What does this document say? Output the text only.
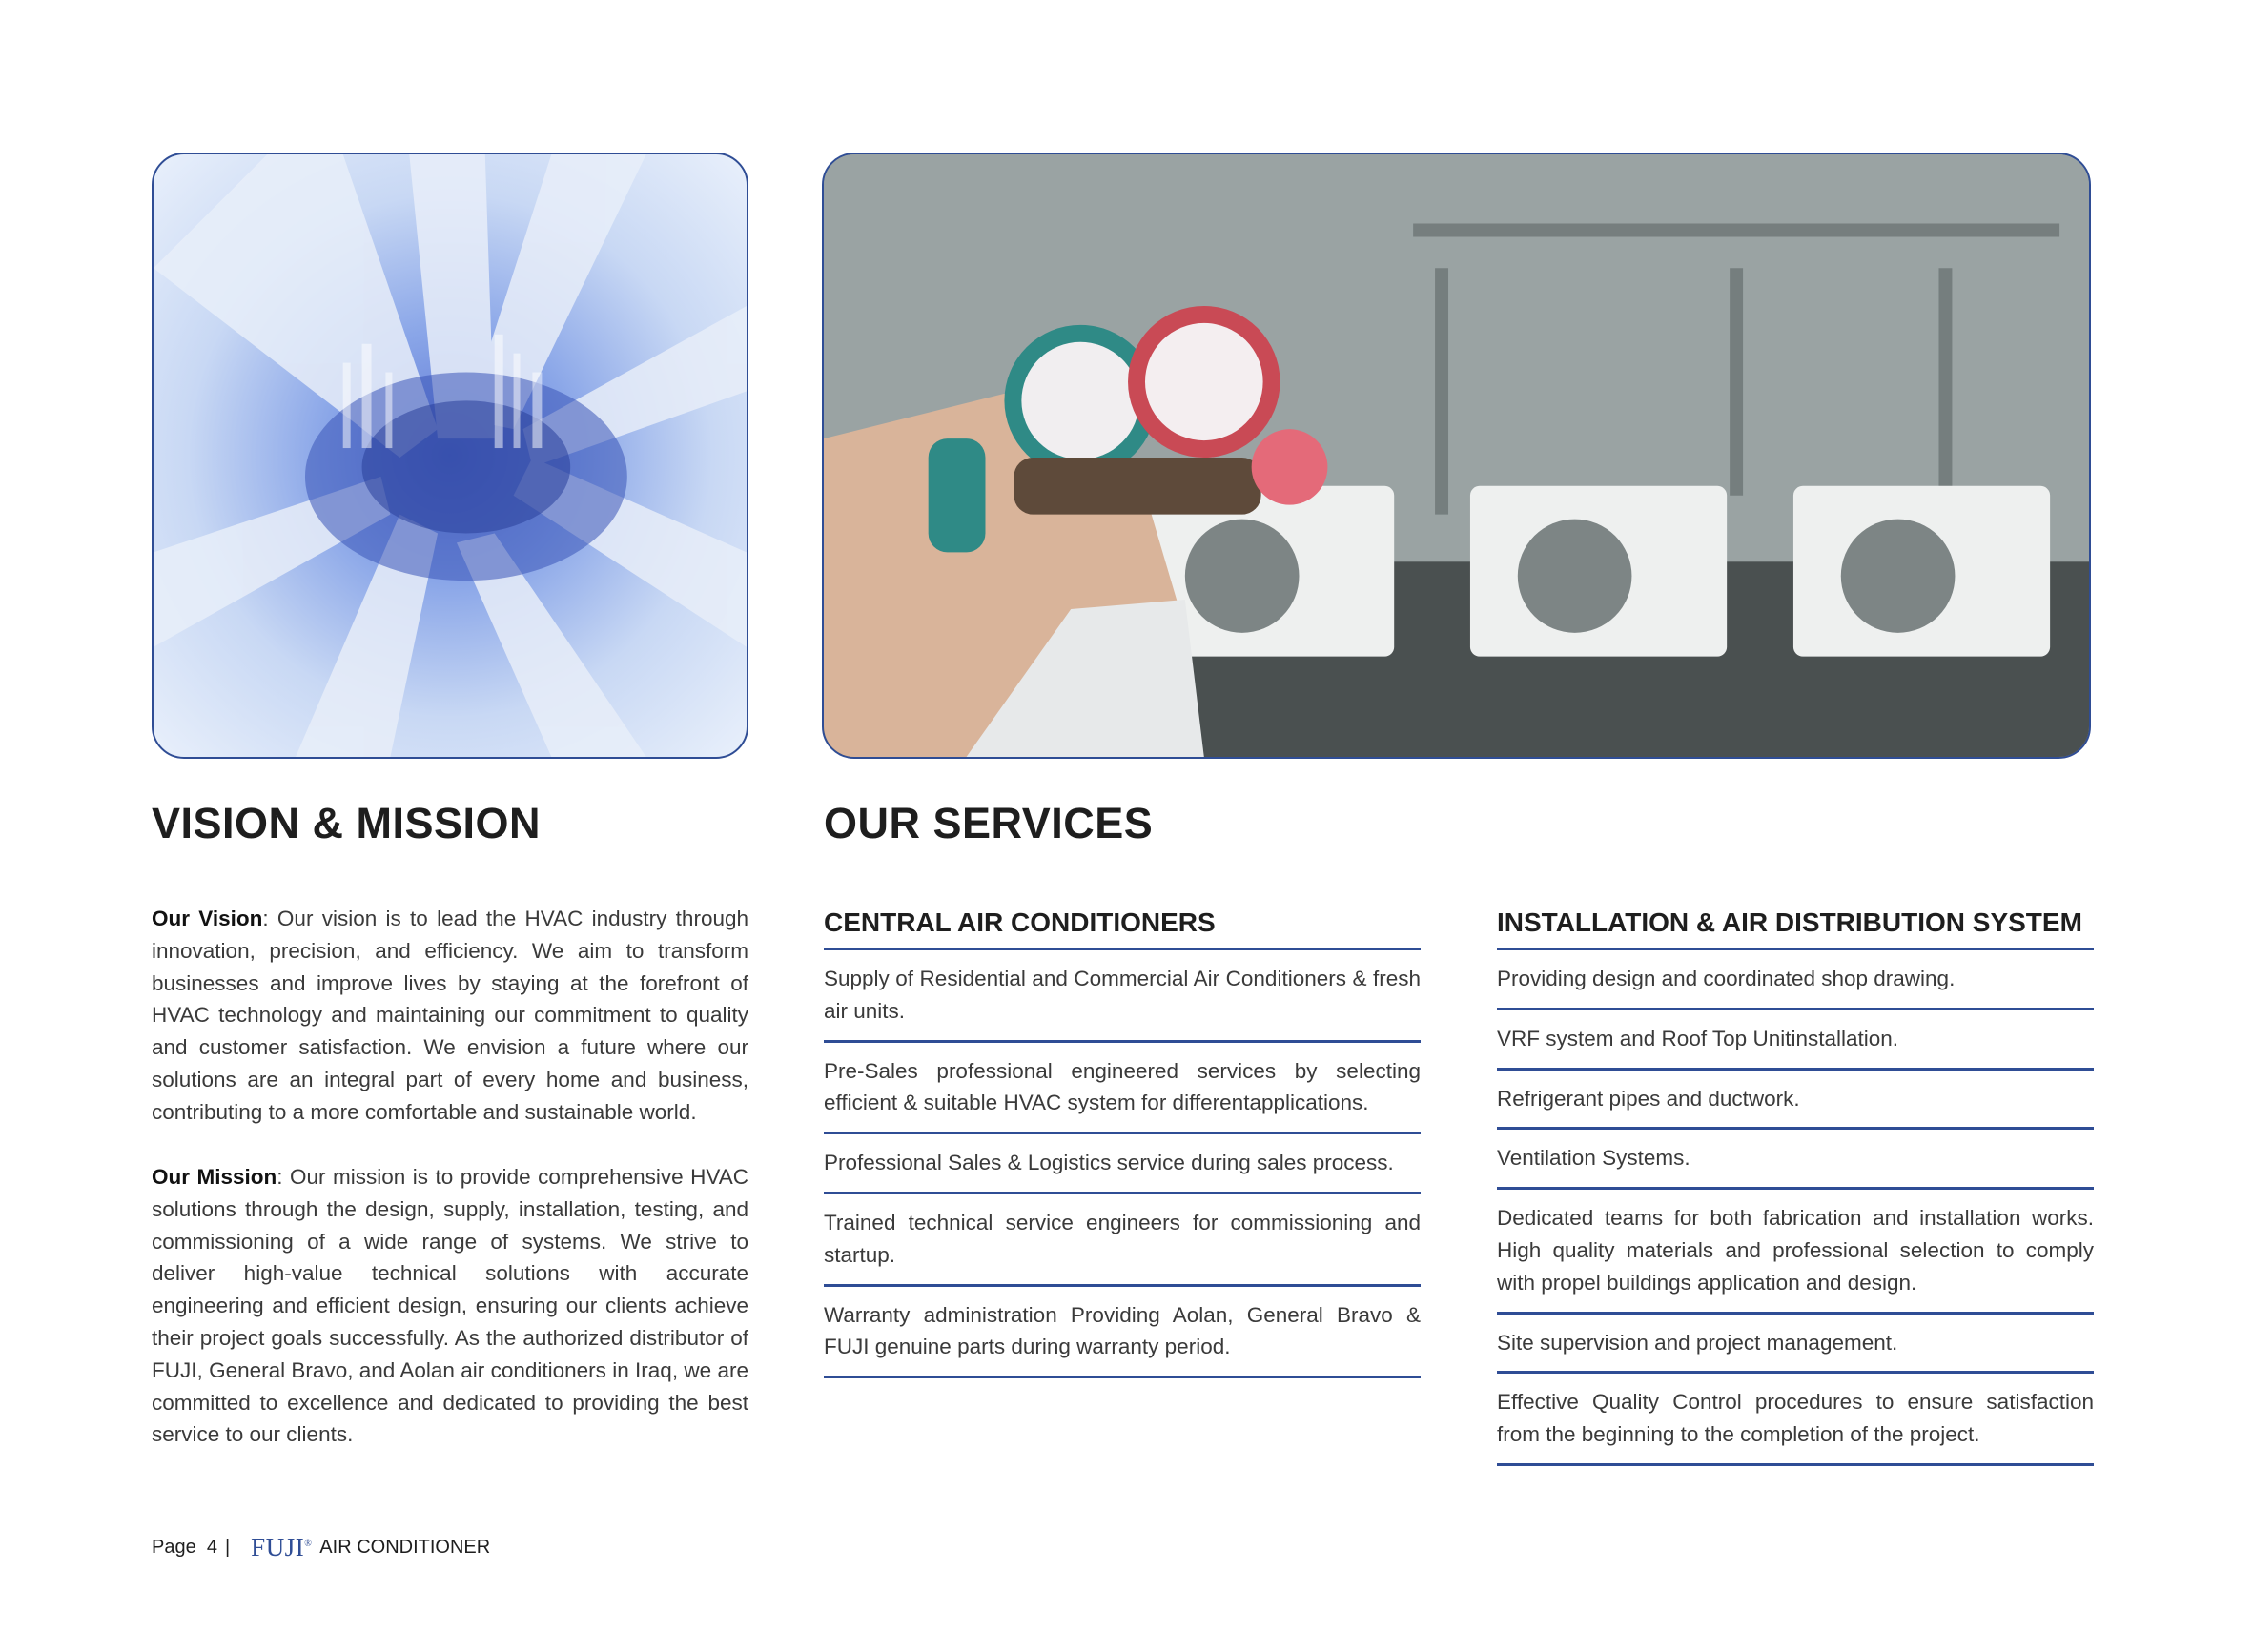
VISION & MISSION

Our Vision: Our vision is to lead the HVAC industry through innovation, precision, and efficiency. We aim to transform businesses and improve lives by staying at the forefront of HVAC technology and maintaining our commitment to quality and customer satisfaction. We envision a future where our solutions are an integral part of every home and business, contributing to a more comfortable and sustainable world.

Our Mission: Our mission is to provide comprehensive HVAC solutions through the design, supply, installation, testing, and commissioning of a wide range of systems. We strive to deliver high-value technical solutions with accurate engineering and efficient design, ensuring our clients achieve their project goals successfully. As the authorized distributor of FUJI, General Bravo, and Aolan air conditioners in Iraq, we are committed to excellence and dedicated to providing the best service to our clients.

OUR SERVICES
CENTRAL AIR CONDITIONERS
Supply of Residential and Commercial Air Conditioners & fresh air units.
Pre-Sales professional engineered services by selecting efficient & suitable HVAC system for differentapplications.
Professional Sales & Logistics service during sales process.
Trained technical service engineers for commissioning and startup.
Warranty administration Providing Aolan, General Bravo & FUJI genuine parts during warranty period.
INSTALLATION & AIR DISTRIBUTION SYSTEM
Providing design and coordinated shop drawing.
VRF system and Roof Top Unitinstallation.
Refrigerant pipes and ductwork.
Ventilation Systems.
Dedicated teams for both fabrication and installation works. High quality materials and professional selection to comply with propel buildings application and design.
Site supervision and project management.
Effective Quality Control procedures to ensure satisfaction from the beginning to the completion of the project.
Page
4 | FUJI® AIR CONDITIONER
